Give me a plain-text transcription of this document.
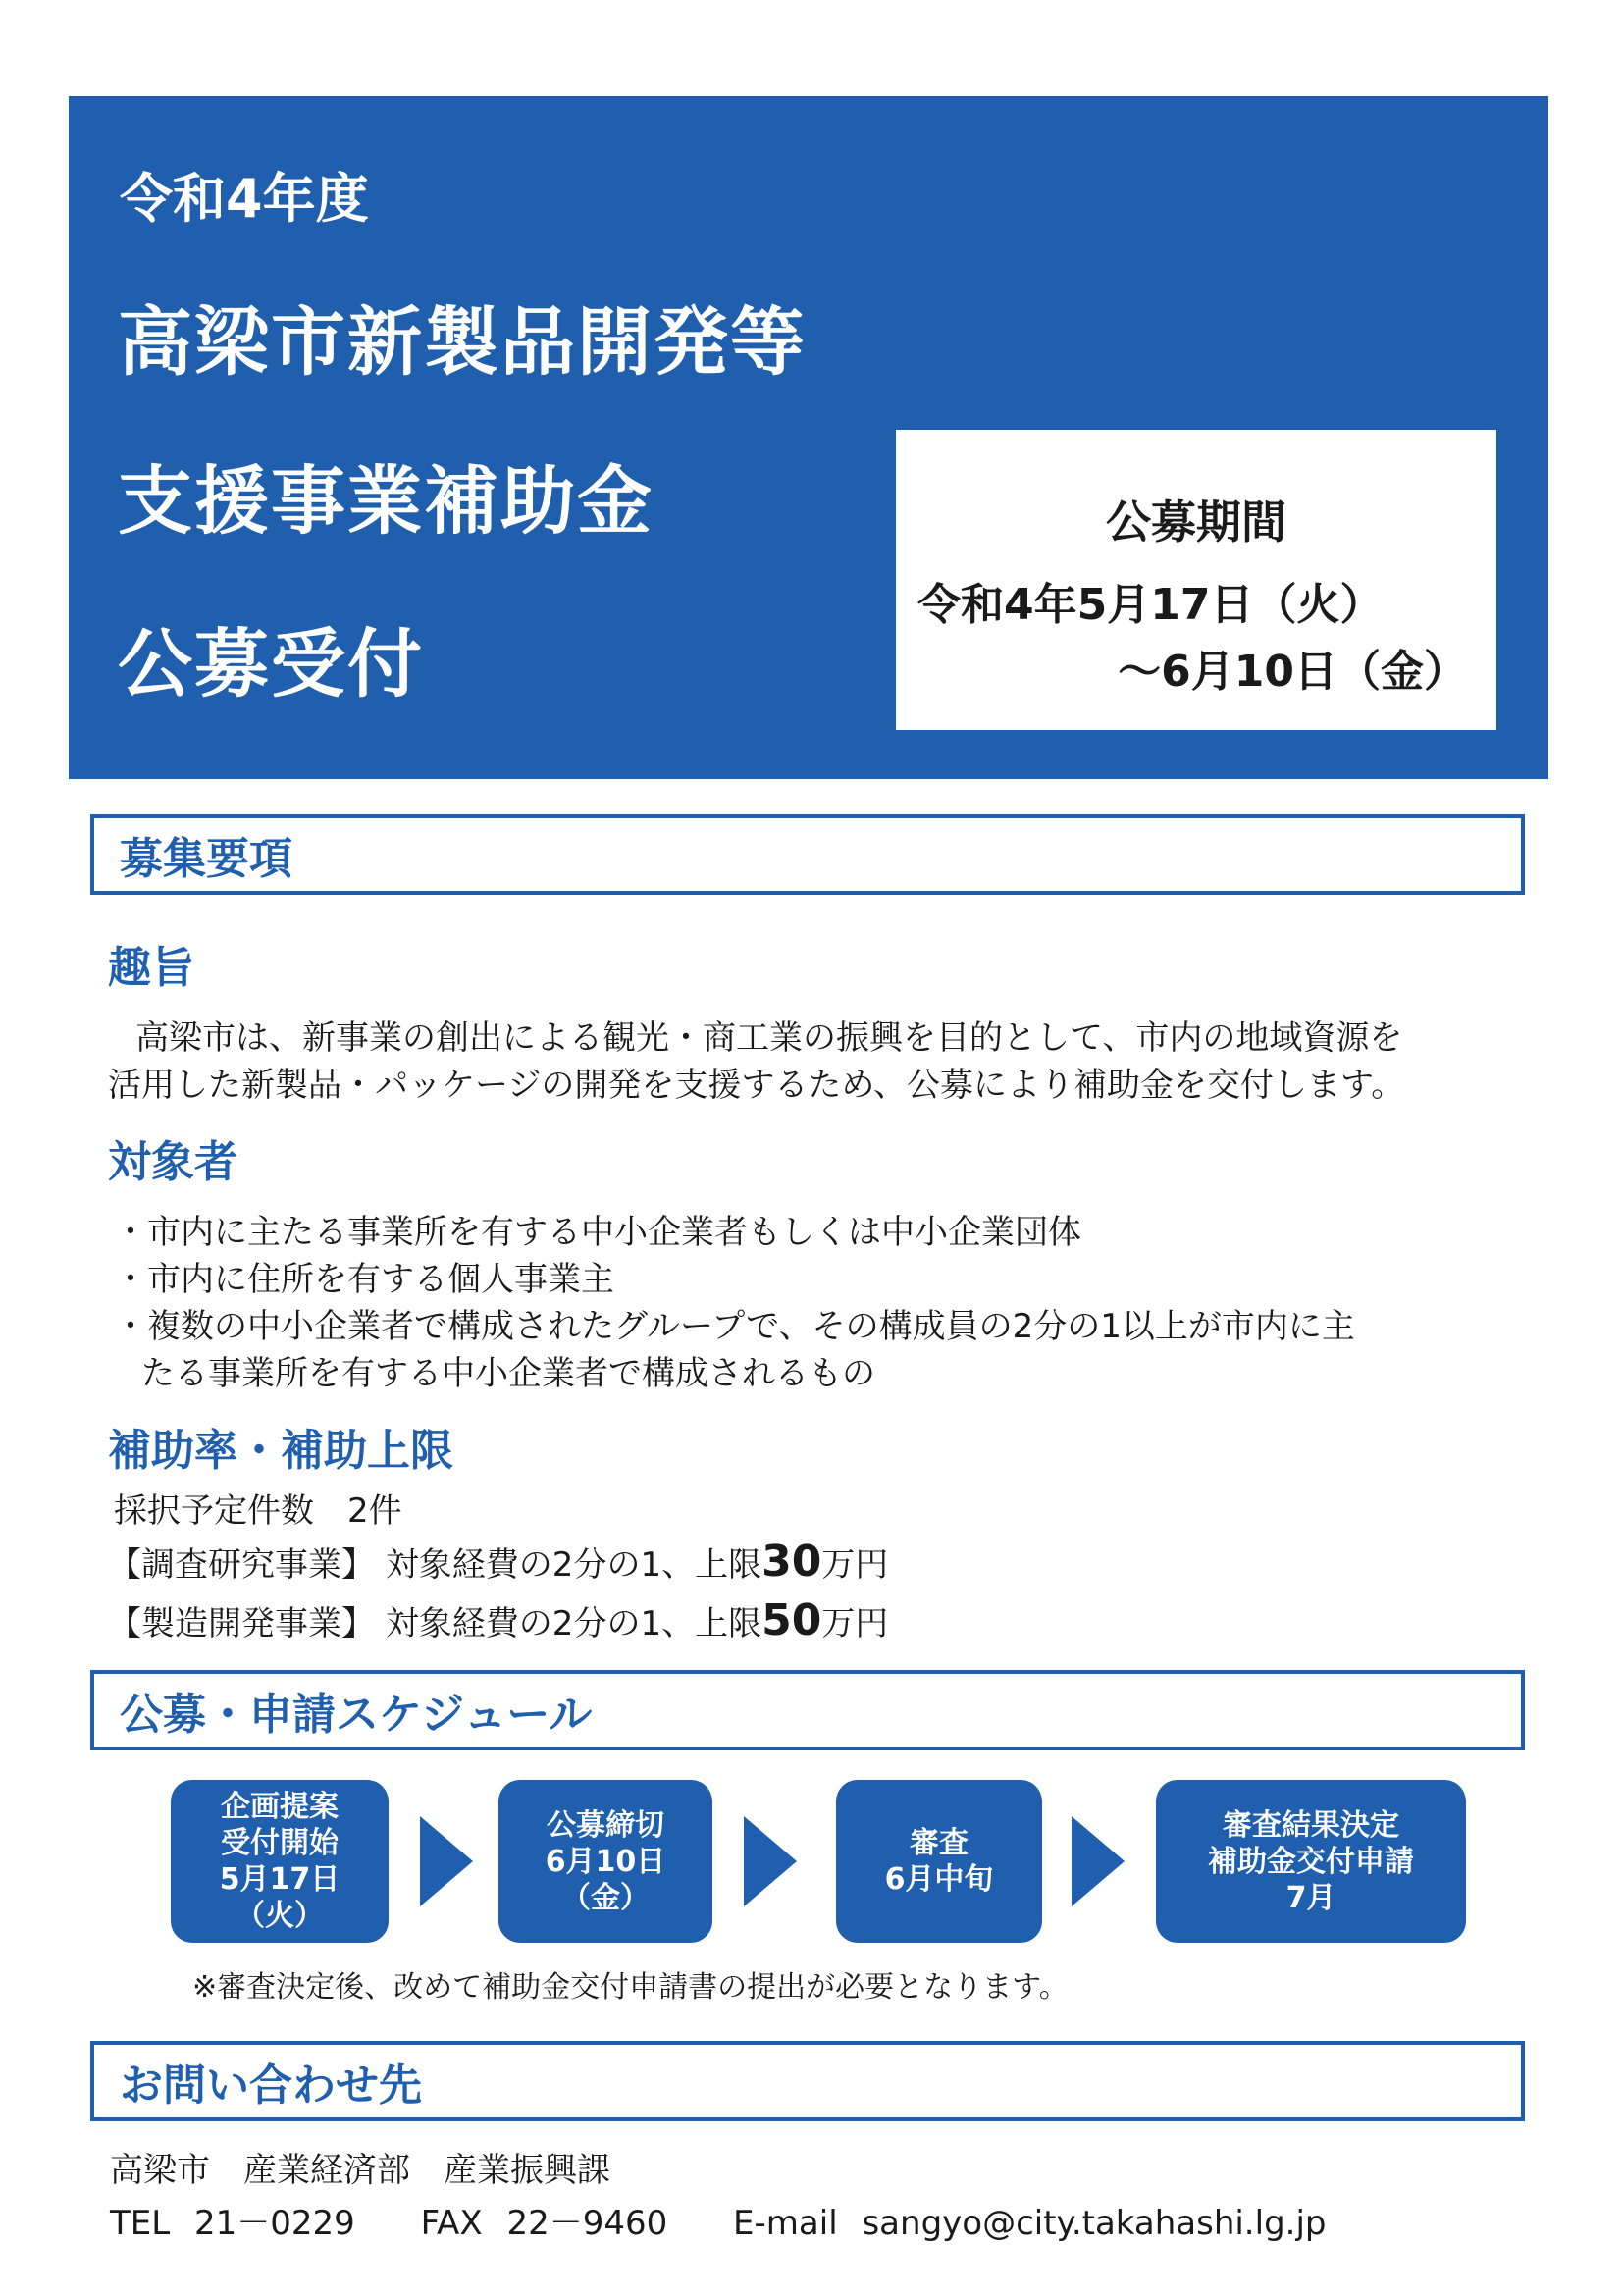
令和4年度
高梁市新製品開発等
支援事業補助金
公募受付
公募期間
令和4年5月17日（火）
～6月10日（金）
募集要項
趣旨
高梁市は、新事業の創出による観光・商工業の振興を目的として、市内の地域資源を
活用した新製品・パッケージの開発を支援するため、公募により補助金を交付します。
対象者
・市内に主たる事業所を有する中小企業者もしくは中小企業団体
・市内に住所を有する個人事業主
・複数の中小企業者で構成されたグループで、その構成員の2分の1以上が市内に主
たる事業所を有する中小企業者で構成されるもの
補助率・補助上限
採択予定件数　2件
【調査研究事業】 対象経費の2分の1、上限30万円
【製造開発事業】 対象経費の2分の1、上限50万円
公募・申請スケジュール
企画提案
受付開始
5月17日
（火）
公募締切
6月10日
（金）
審査
6月中旬
審査結果決定
補助金交付申請
7月
※審査決定後、改めて補助金交付申請書の提出が必要となります。
お問い合わせ先
高梁市　産業経済部　産業振興課
TEL 21－0229 FAX 22－9460 E-mail sangyo@city.takahashi.lg.jp
